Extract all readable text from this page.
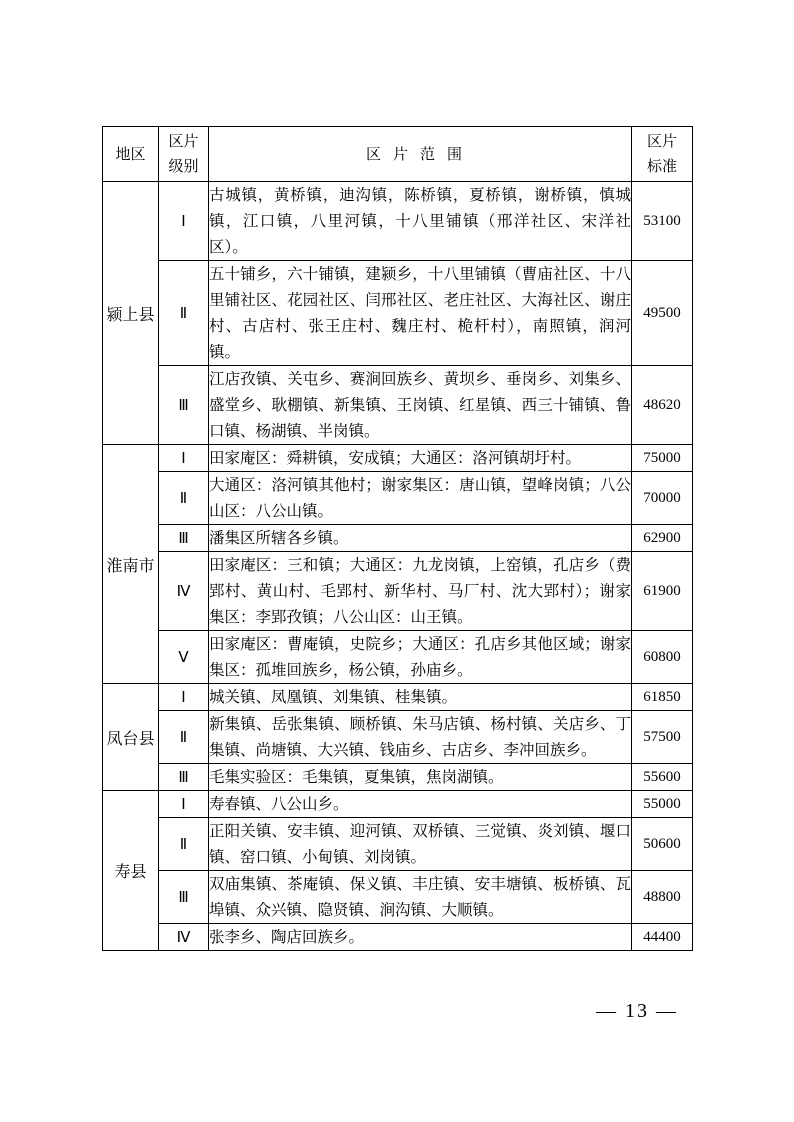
地区	区片级别	区片范围	区片标准
颍上县	Ⅰ	古城镇，黄桥镇，迪沟镇，陈桥镇，夏桥镇，谢桥镇，慎城镇，江口镇，八里河镇，十八里铺镇（邢洋社区、宋洋社区）。	53100
	Ⅱ	五十铺乡，六十铺镇，建颍乡，十八里铺镇（曹庙社区、十八里铺社区、花园社区、闫邢社区、老庄社区、大海社区、谢庄村、古店村、张王庄村、魏庄村、桅杆村），南照镇，润河镇。	49500
	Ⅲ	江店孜镇、关屯乡、赛涧回族乡、黄坝乡、垂岗乡、刘集乡、盛堂乡、耿棚镇、新集镇、王岗镇、红星镇、西三十铺镇、鲁口镇、杨湖镇、半岗镇。	48620
淮南市	Ⅰ	田家庵区：舜耕镇，安成镇；大通区：洛河镇胡圩村。	75000
	Ⅱ	大通区：洛河镇其他村；谢家集区：唐山镇，望峰岗镇；八公山区：八公山镇。	70000
	Ⅲ	潘集区所辖各乡镇。	62900
	Ⅳ	田家庵区：三和镇；大通区：九龙岗镇，上窑镇，孔店乡（费郢村、黄山村、毛郢村、新华村、马厂村、沈大郢村）；谢家集区：李郢孜镇；八公山区：山王镇。	61900
	Ⅴ	田家庵区：曹庵镇，史院乡；大通区：孔店乡其他区域；谢家集区：孤堆回族乡，杨公镇，孙庙乡。	60800
凤台县	Ⅰ	城关镇、凤凰镇、刘集镇、桂集镇。	61850
	Ⅱ	新集镇、岳张集镇、顾桥镇、朱马店镇、杨村镇、关店乡、丁集镇、尚塘镇、大兴镇、钱庙乡、古店乡、李冲回族乡。	57500
	Ⅲ	毛集实验区：毛集镇，夏集镇，焦岗湖镇。	55600
寿县	Ⅰ	寿春镇、八公山乡。	55000
	Ⅱ	正阳关镇、安丰镇、迎河镇、双桥镇、三觉镇、炎刘镇、堰口镇、窑口镇、小甸镇、刘岗镇。	50600
	Ⅲ	双庙集镇、茶庵镇、保义镇、丰庄镇、安丰塘镇、板桥镇、瓦埠镇、众兴镇、隐贤镇、涧沟镇、大顺镇。	48800
	Ⅳ	张李乡、陶店回族乡。	44400
— 13 —
